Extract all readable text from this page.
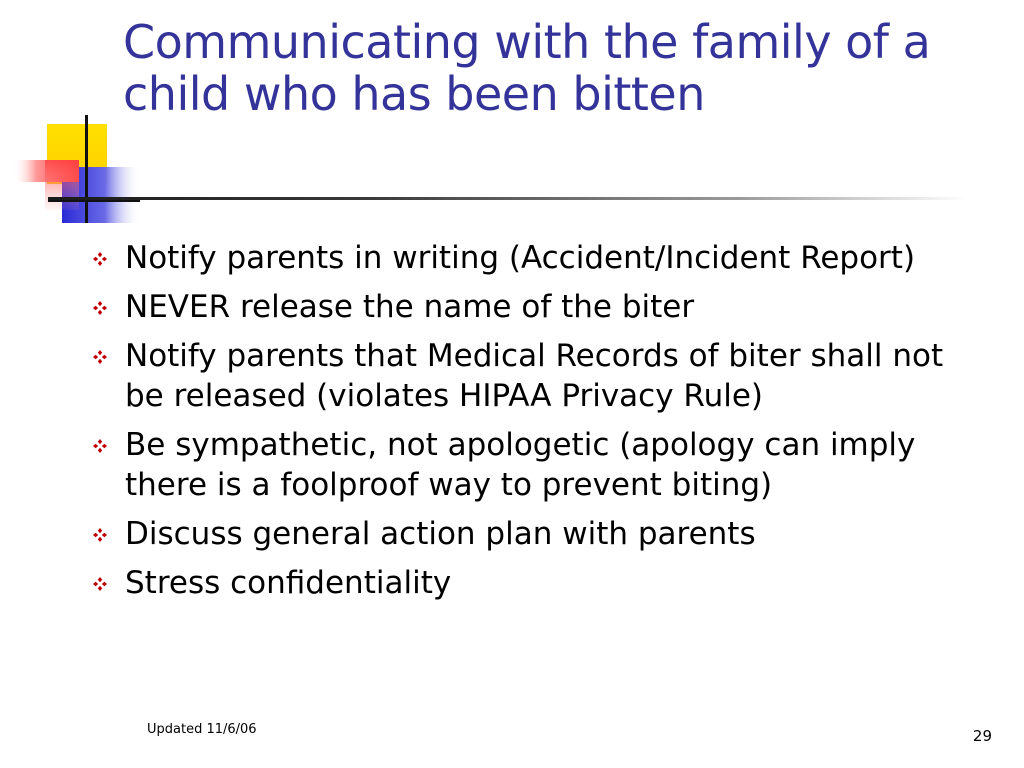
Communicating with the family of a child who has been bitten
Notify parents in writing (Accident/Incident Report)
NEVER release the name of the biter
Notify parents that Medical Records of biter shall not be released (violates HIPAA Privacy Rule)
Be sympathetic, not apologetic (apology can imply there is a foolproof way to prevent biting)
Discuss general action plan with parents
Stress confidentiality
Updated 11/6/06	29
